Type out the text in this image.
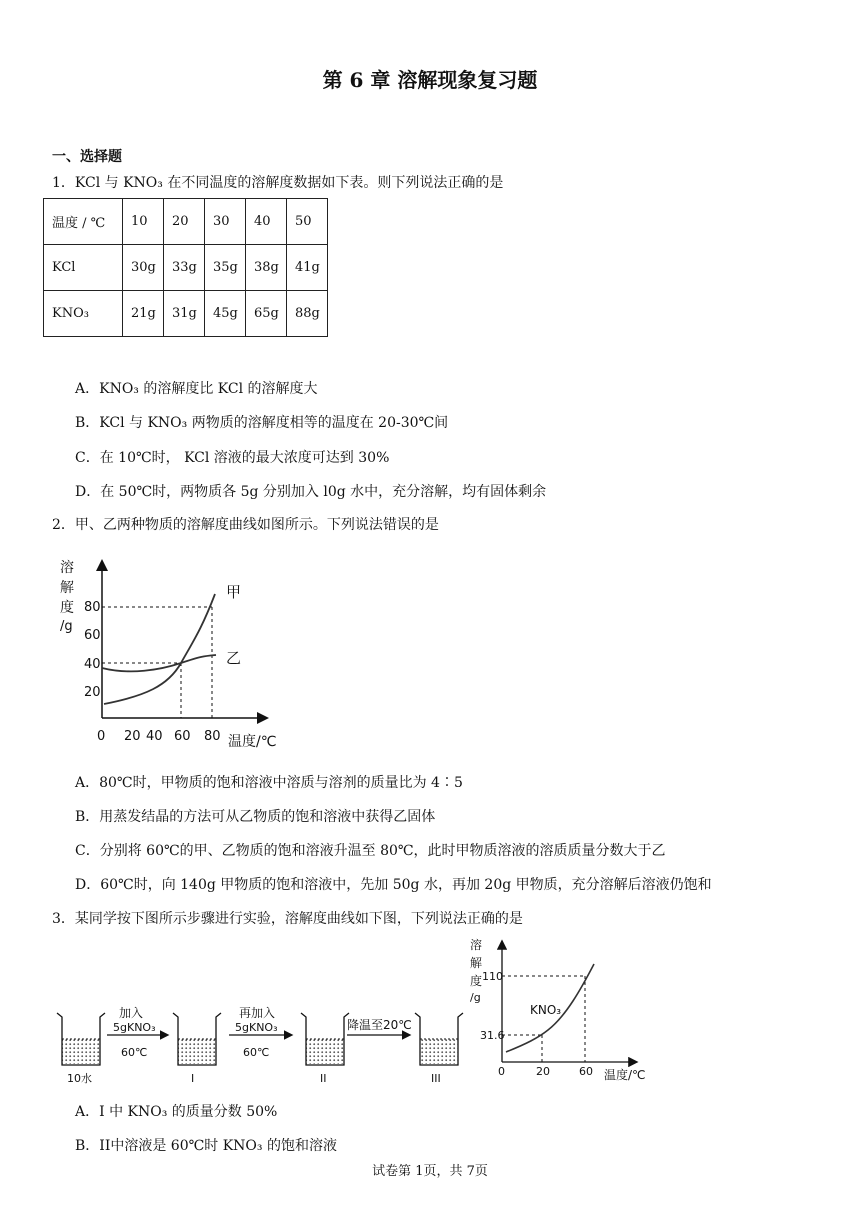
第 6 章 溶解现象复习题
一、选择题
1．KCl 与 KNO₃ 在不同温度的溶解度数据如下表。则下列说法正确的是
温度 / ℃	10	20	30	40	50
KCl	30g	33g	35g	38g	41g
KNO₃	21g	31g	45g	65g	88g
A．KNO₃ 的溶解度比 KCl 的溶解度大
B．KCl 与 KNO₃ 两物质的溶解度相等的温度在 20-30℃间
C．在 10℃时， KCl 溶液的最大浓度可达到 30%
D．在 50℃时，两物质各 5g 分别加入 l0g 水中，充分溶解，均有固体剩余
2．甲、乙两种物质的溶解度曲线如图所示。下列说法错误的是
溶
解
度
/g
80
60
40
20
0 20 40 60 80 温度/℃
甲
乙
A．80℃时，甲物质的饱和溶液中溶质与溶剂的质量比为 4∶5
B．用蒸发结晶的方法可从乙物质的饱和溶液中获得乙固体
C．分别将 60℃的甲、乙物质的饱和溶液升温至 80℃，此时甲物质溶液的溶质质量分数大于乙
D．60℃时，向 140g 甲物质的饱和溶液中，先加 50g 水，再加 20g 甲物质，充分溶解后溶液仍饱和
3．某同学按下图所示步骤进行实验，溶解度曲线如下图，下列说法正确的是
10水
加入
5gKNO₃
60℃
I
再加入
5gKNO₃
60℃
II
降温至20℃
III
溶
解
度
/g
110
31.6
0	20	60 温度/℃
KNO₃
A．I 中 KNO₃ 的质量分数 50%
B．II中溶液是 60℃时 KNO₃ 的饱和溶液
试卷第 1页，共 7页
